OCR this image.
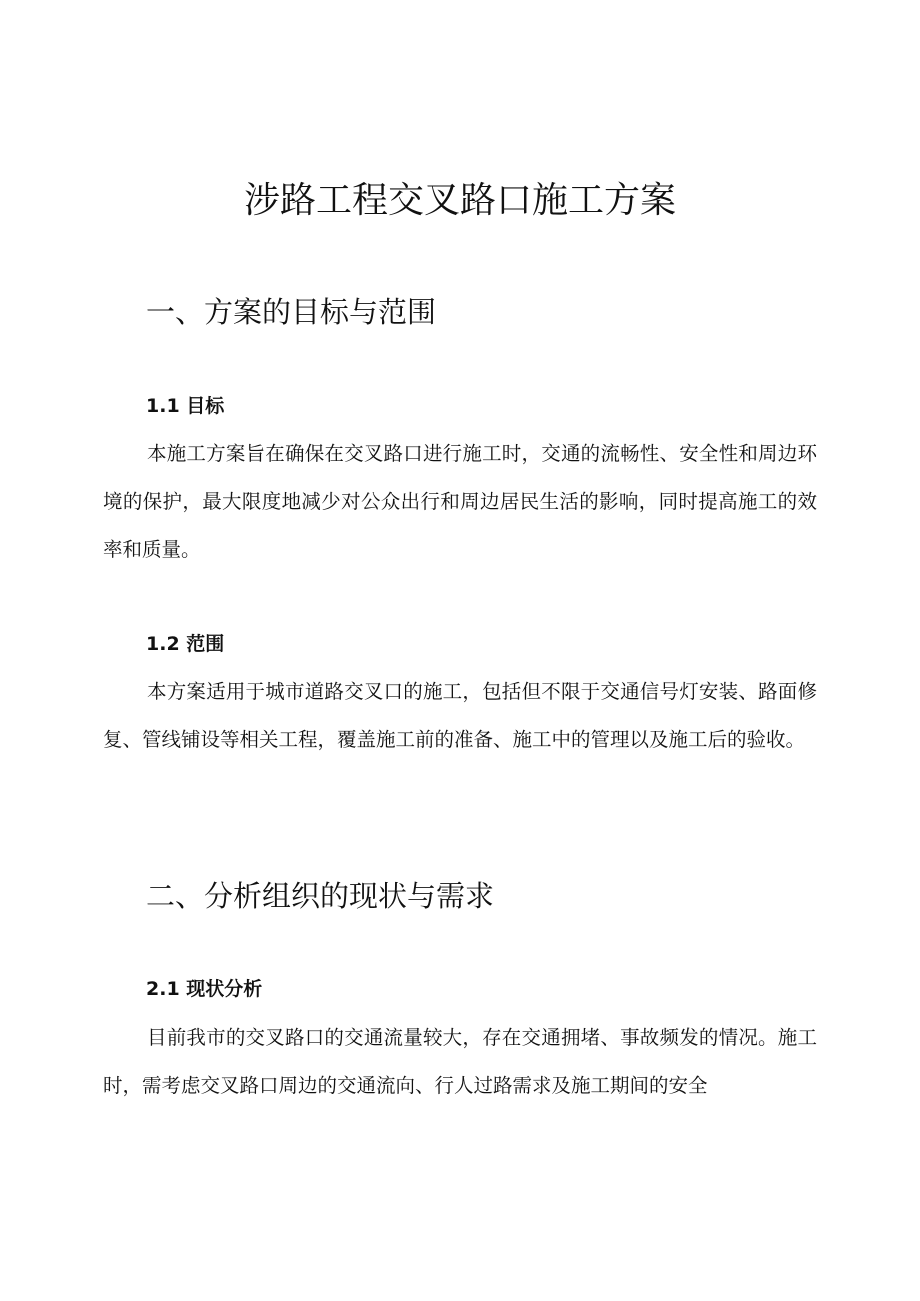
涉路工程交叉路口施工方案
一、方案的目标与范围
1.1 目标

本施工方案旨在确保在交叉路口进行施工时，交通的流畅性、安全性和周边环境的保护，最大限度地减少对公众出行和周边居民生活的影响，同时提高施工的效率和质量。

1.2 范围

本方案适用于城市道路交叉口的施工，包括但不限于交通信号灯安装、路面修复、管线铺设等相关工程，覆盖施工前的准备、施工中的管理以及施工后的验收。

二、分析组织的现状与需求
2.1 现状分析

目前我市的交叉路口的交通流量较大，存在交通拥堵、事故频发的情况。施工时，需考虑交叉路口周边的交通流向、行人过路需求及施工期间的安全
